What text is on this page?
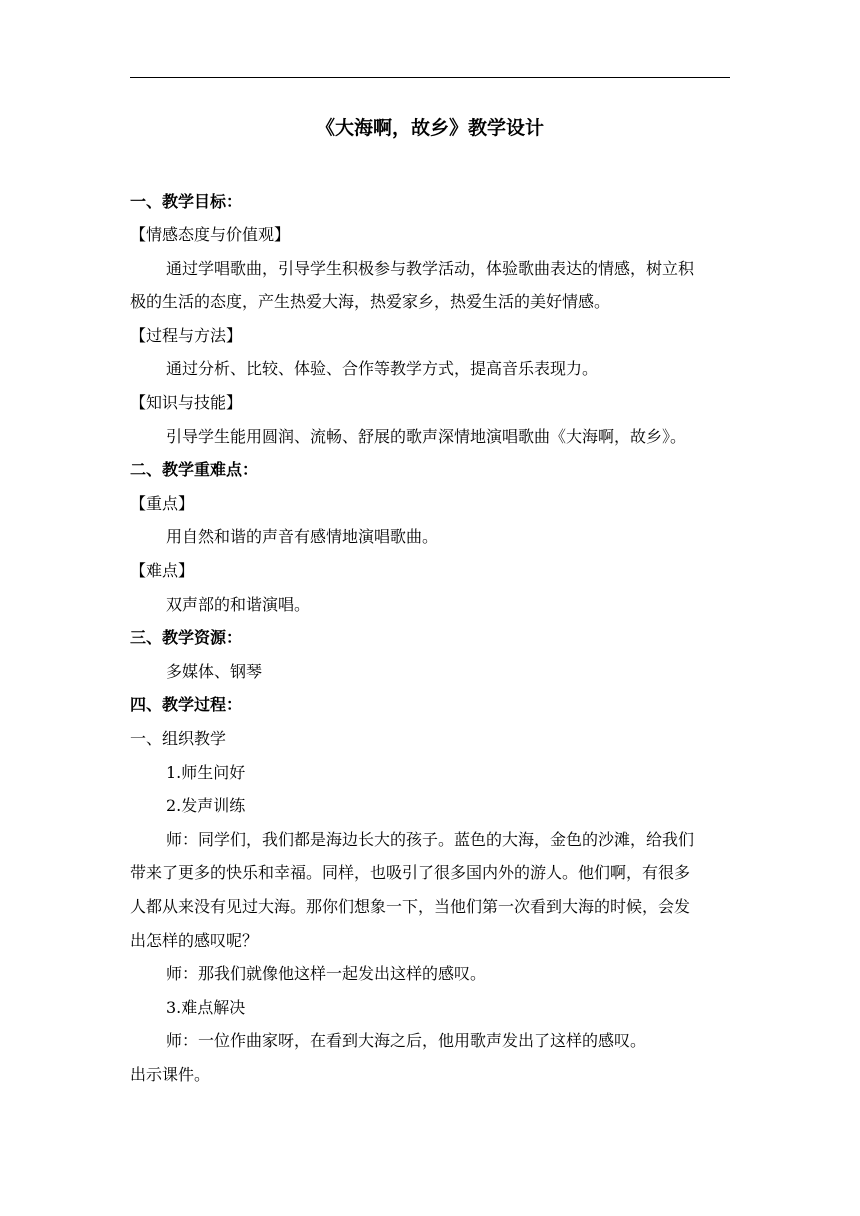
《大海啊，故乡》教学设计
一、教学目标：
【情感态度与价值观】
通过学唱歌曲，引导学生积极参与教学活动，体验歌曲表达的情感，树立积
极的生活的态度，产生热爱大海，热爱家乡，热爱生活的美好情感。
【过程与方法】
通过分析、比较、体验、合作等教学方式，提高音乐表现力。
【知识与技能】
引导学生能用圆润、流畅、舒展的歌声深情地演唱歌曲《大海啊，故乡》。
二、教学重难点：
【重点】
用自然和谐的声音有感情地演唱歌曲。
【难点】
双声部的和谐演唱。
三、教学资源：
多媒体、钢琴
四、教学过程：
一、组织教学
1.师生问好
2.发声训练
师：同学们，我们都是海边长大的孩子。蓝色的大海，金色的沙滩，给我们
带来了更多的快乐和幸福。同样，也吸引了很多国内外的游人。他们啊，有很多
人都从来没有见过大海。那你们想象一下，当他们第一次看到大海的时候，会发
出怎样的感叹呢？
师：那我们就像他这样一起发出这样的感叹。
3.难点解决
师：一位作曲家呀，在看到大海之后，他用歌声发出了这样的感叹。
出示课件。
